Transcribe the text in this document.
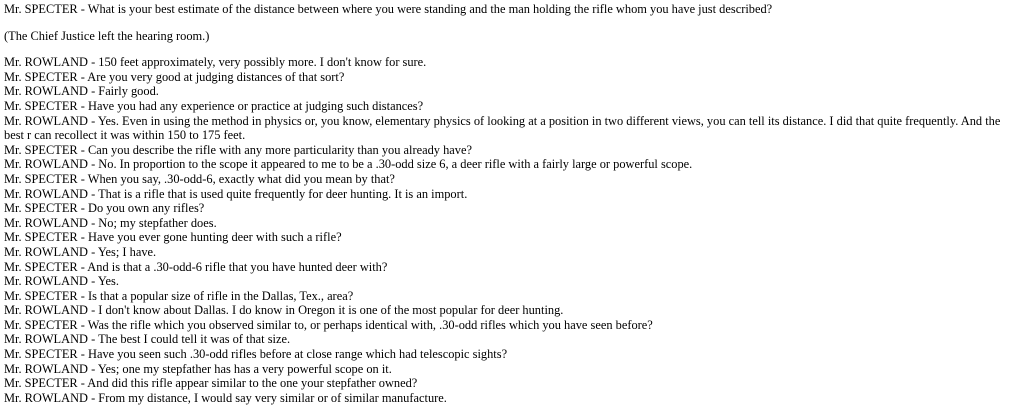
Mr. SPECTER - What is your best estimate of the distance between where you were standing and the man holding the rifle whom you have just described?

(The Chief Justice left the hearing room.)

Mr. ROWLAND - 150 feet approximately, very possibly more. I don't know for sure.
Mr. SPECTER - Are you very good at judging distances of that sort?
Mr. ROWLAND - Fairly good.
Mr. SPECTER - Have you had any experience or practice at judging such distances?
Mr. ROWLAND - Yes. Even in using the method in physics or, you know, elementary physics of looking at a position in two different views, you can tell its distance. I did that quite frequently. And the best r can recollect it was within 150 to 175 feet.
Mr. SPECTER - Can you describe the rifle with any more particularity than you already have?
Mr. ROWLAND - No. In proportion to the scope it appeared to me to be a .30-odd size 6, a deer rifle with a fairly large or powerful scope.
Mr. SPECTER - When you say, .30-odd-6, exactly what did you mean by that?
Mr. ROWLAND - That is a rifle that is used quite frequently for deer hunting. It is an import.
Mr. SPECTER - Do you own any rifles?
Mr. ROWLAND - No; my stepfather does.
Mr. SPECTER - Have you ever gone hunting deer with such a rifle?
Mr. ROWLAND - Yes; I have.
Mr. SPECTER - And is that a .30-odd-6 rifle that you have hunted deer with?
Mr. ROWLAND - Yes.
Mr. SPECTER - Is that a popular size of rifle in the Dallas, Tex., area?
Mr. ROWLAND - I don't know about Dallas. I do know in Oregon it is one of the most popular for deer hunting.
Mr. SPECTER - Was the rifle which you observed similar to, or perhaps identical with, .30-odd rifles which you have seen before?
Mr. ROWLAND - The best I could tell it was of that size.
Mr. SPECTER - Have you seen such .30-odd rifles before at close range which had telescopic sights?
Mr. ROWLAND - Yes; one my stepfather has has a very powerful scope on it.
Mr. SPECTER - And did this rifle appear similar to the one your stepfather owned?
Mr. ROWLAND - From my distance, I would say very similar or of similar manufacture.
